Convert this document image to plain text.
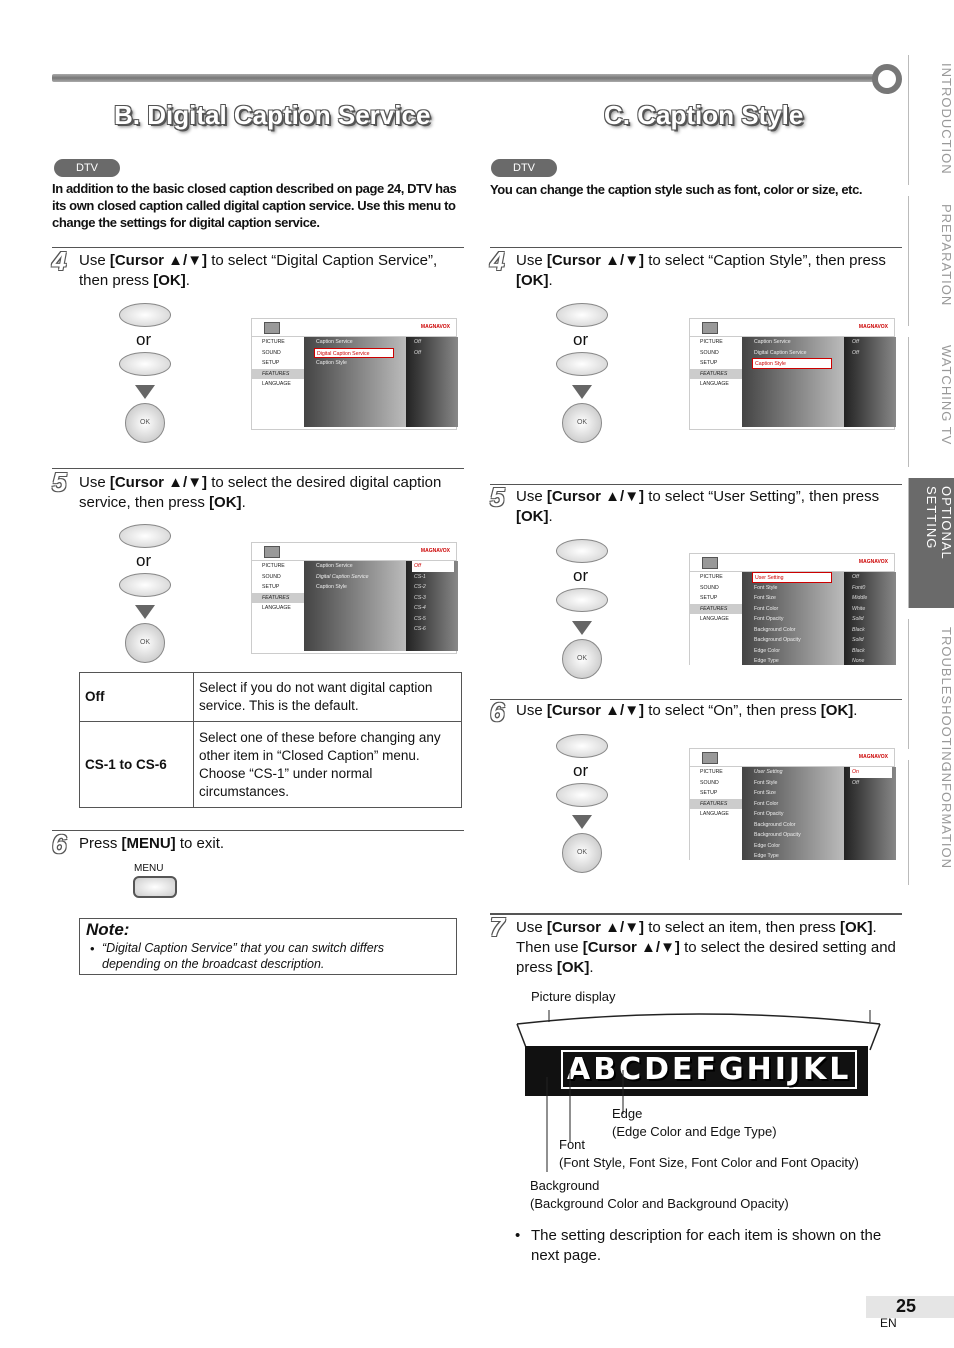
B. Digital Caption Service	C. Caption Style
DTV
In addition to the basic closed caption described on page 24, DTV has its own closed caption called digital caption service. Use this menu to change the settings for digital caption service.
4 Use [Cursor ▲/▼] to select “Digital Caption Service”, then press [OK].
or
OK
MAGNAVOX
PICTURE
SOUND
SETUP
FEATURES
LANGUAGE
Caption Service
Digital Caption Service
Caption Style
Off
Off
5 Use [Cursor ▲/▼] to select the desired digital caption service, then press [OK].
or
OK
MAGNAVOX
PICTURE
SOUND
SETUP
FEATURES
LANGUAGE
Caption Service
Digital Caption Service
Caption Style
Off
CS-1
CS-2
CS-3
CS-4
CS-5
CS-6
Off	Select if you do not want digital caption service. This is the default.
CS-1 to CS-6	Select one of these before changing any other item in “Closed Caption” menu. Choose “CS-1” under normal circumstances.
6 Press [MENU] to exit.
MENU
Note:
• “Digital Caption Service” that you can switch differs depending on the broadcast description.
DTV
You can change the caption style such as font, color or size, etc.
4 Use [Cursor ▲/▼] to select “Caption Style”, then press [OK].
or
OK
MAGNAVOX
PICTURE
SOUND
SETUP
FEATURES
LANGUAGE
Caption Service
Digital Caption Service
Caption Style
Off
Off
5 Use [Cursor ▲/▼] to select “User Setting”, then press [OK].
or
OK
MAGNAVOX
PICTURE
SOUND
SETUP
FEATURES
LANGUAGE
User Setting
Font Style
Font Size
Font Color
Font Opacity
Background Color
Background Opacity
Edge Color
Edge Type
Off
Font0
Middle
White
Solid
Black
Solid
Black
None
6 Use [Cursor ▲/▼] to select “On”, then press [OK].
or
OK
MAGNAVOX
PICTURE
SOUND
SETUP
FEATURES
LANGUAGE
User Setting
Font Style
Font Size
Font Color
Font Opacity
Background Color
Background Opacity
Edge Color
Edge Type
On
Off
7 Use [Cursor ▲/▼] to select an item, then press [OK]. Then use [Cursor ▲/▼] to select the desired setting and press [OK].
Picture display
ABCDEFGHIJKL
Edge
(Edge Color and Edge Type)
Font
(Font Style, Font Size, Font Color and Font Opacity)
Background
(Background Color and Background Opacity)
• The setting description for each item is shown on the next page.
INTRODUCTION
PREPARATION
WATCHING TV
OPTIONAL SETTING
TROUBLESHOOTING
INFORMATION
25
EN
